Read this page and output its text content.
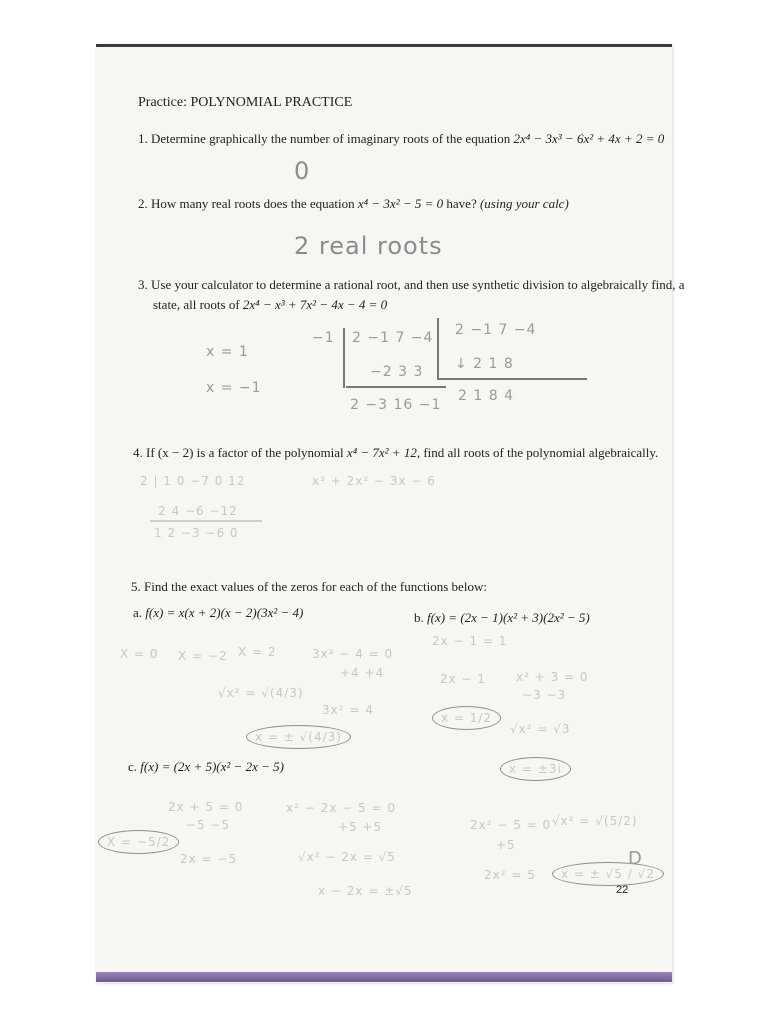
Practice: POLYNOMIAL PRACTICE
1. Determine graphically the number of imaginary roots of the equation 2x⁴ − 3x³ − 6x² + 4x + 2 = 0
0
2. How many real roots does the equation x⁴ − 3x² − 5 = 0 have? (using your calc)
2 real roots
3. Use your calculator to determine a rational root, and then use synthetic division to algebraically find, a
state, all roots of 2x⁴ − x³ + 7x² − 4x − 4 = 0
x = 1
x = −1
−1 2 −1 7 −4
−2 3 3
2 −3 16 −1
2 −1 7 −4
↓ 2 1 8
2 1 8 4
4. If (x − 2) is a factor of the polynomial x⁴ − 7x² + 12, find all roots of the polynomial algebraically.
2 | 1 0 −7 0 12
2 4 −6 −12
1 2 −3 −6 0
x³ + 2x² − 3x − 6
5. Find the exact values of the zeros for each of the functions below:
a. f(x) = x(x + 2)(x − 2)(3x² − 4)
X = 0 X = −2 X = 2	3x² − 4 = 0
+4 +4
3x² = 4
√x² = √(4/3)
x = ± √(4/3)
b. f(x) = (2x − 1)(x² + 3)(2x² − 5)
2x − 1 = 1
2x − 1
x = 1/2
x² + 3 = 0
−3 −3
√x² = √3
x = ±3i
c. f(x) = (2x + 5)(x² − 2x − 5)
2x + 5 = 0
−5 −5
X = −5/2
2x = −5
x² − 2x − 5 = 0
+5 +5
√x² − 2x = √5
x − 2x = ±√5
2x² − 5 = 0
+5
√x² = √(5/2)
2x² = 5	x = ± √5 / √2
D
22
